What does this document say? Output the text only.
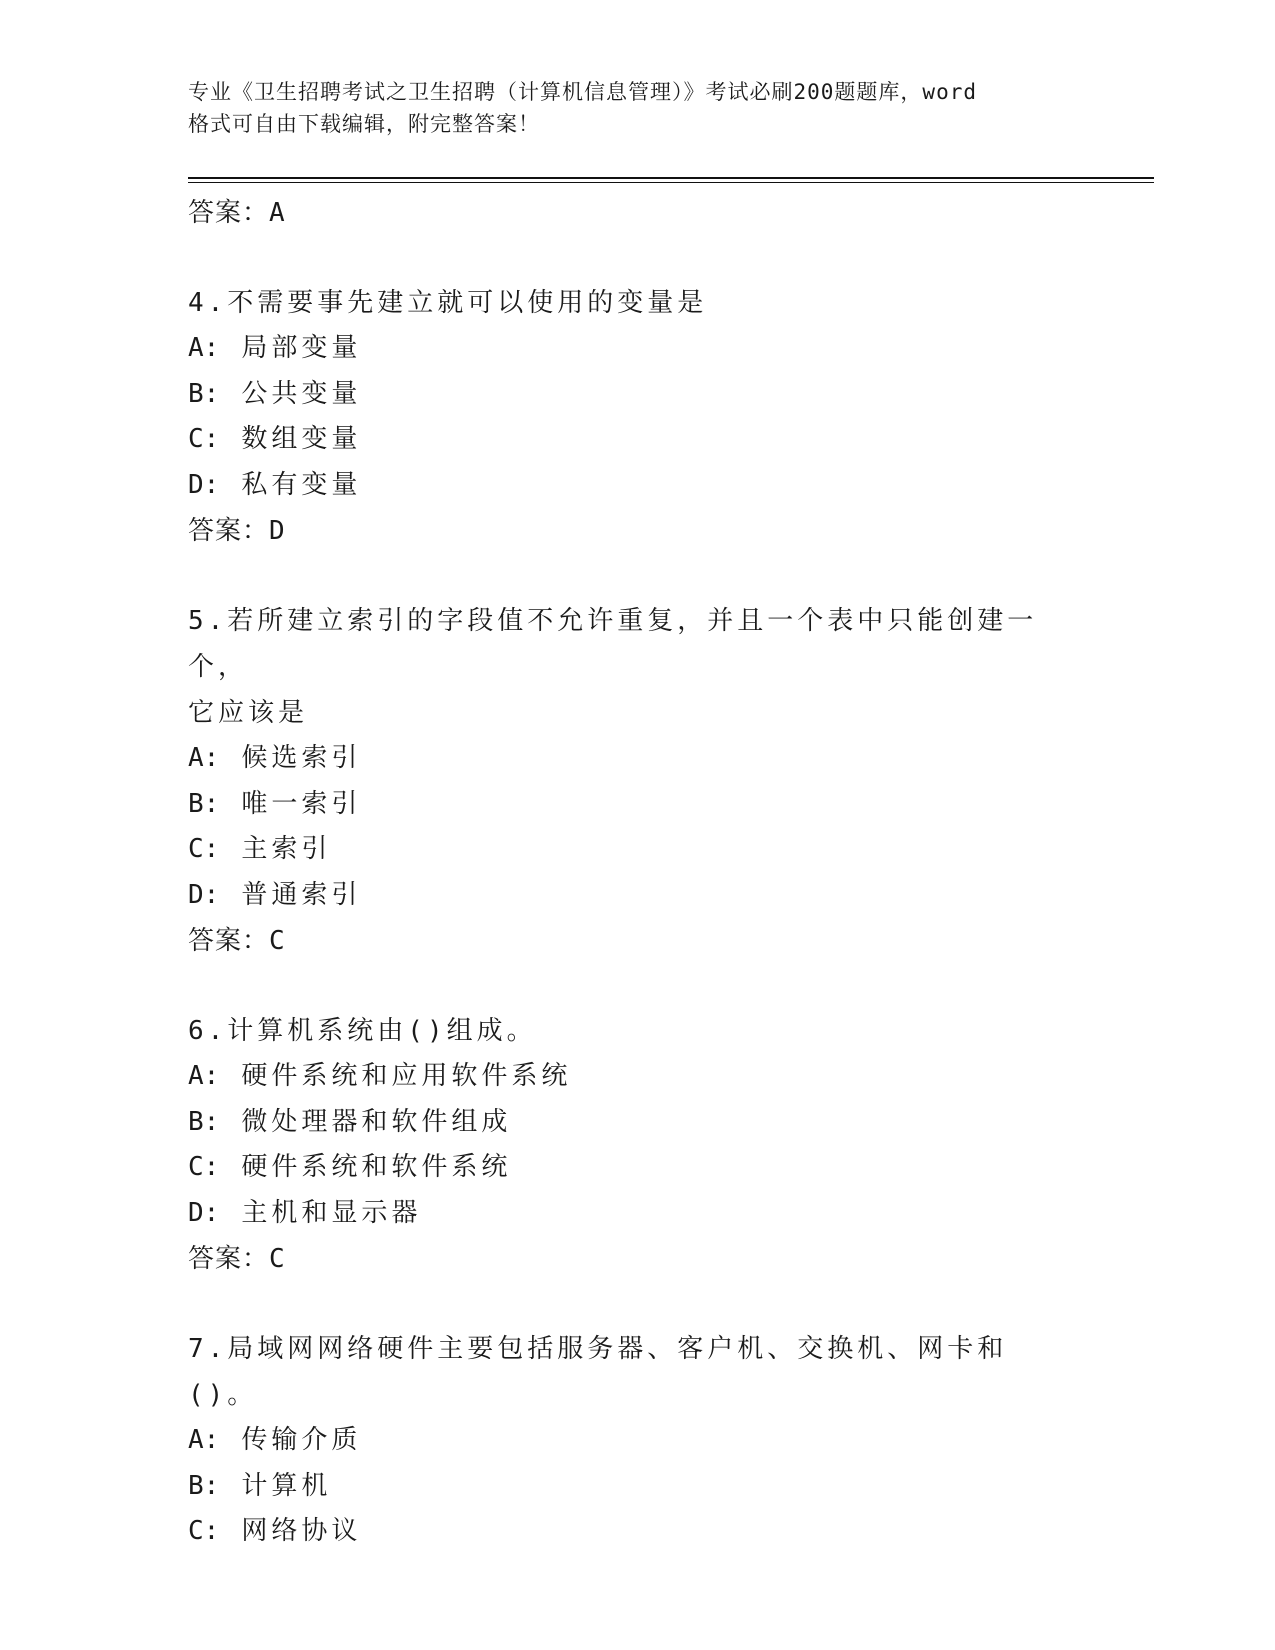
专业《卫生招聘考试之卫生招聘（计算机信息管理）》考试必刷200题题库，word
格式可自由下载编辑，附完整答案！
答案：A
4.不需要事先建立就可以使用的变量是
A: 局部变量
B: 公共变量
C: 数组变量
D: 私有变量
答案：D
5.若所建立索引的字段值不允许重复，并且一个表中只能创建一个，
它应该是
A: 候选索引
B: 唯一索引
C: 主索引
D: 普通索引
答案：C
6.计算机系统由()组成。
A: 硬件系统和应用软件系统
B: 微处理器和软件组成
C: 硬件系统和软件系统
D: 主机和显示器
答案：C
7.局域网网络硬件主要包括服务器、客户机、交换机、网卡和()。
A: 传输介质
B: 计算机
C: 网络协议
